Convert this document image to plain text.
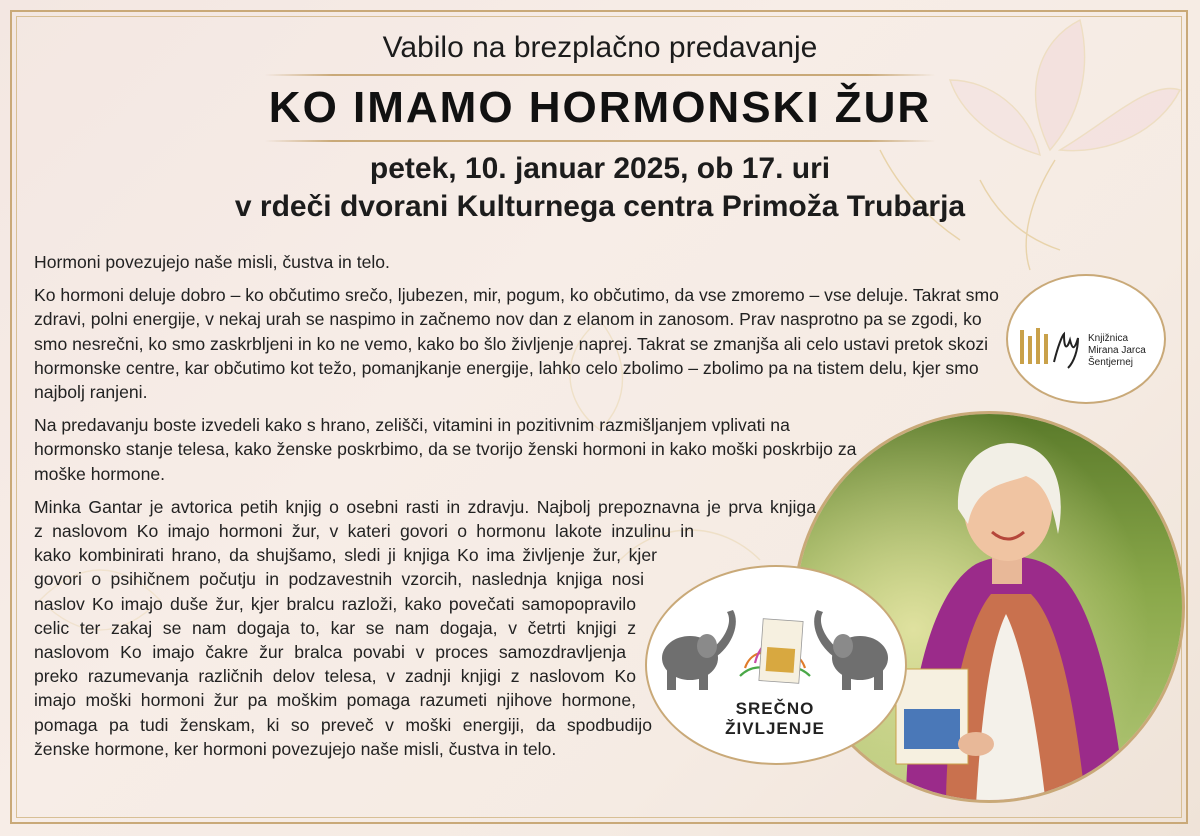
Vabilo na brezplačno predavanje
KO IMAMO HORMONSKI ŽUR
petek, 10. januar 2025, ob 17. uri
v rdeči dvorani Kulturnega centra Primoža Trubarja

Hormoni povezujejo naše misli, čustva in telo.

Ko hormoni deluje dobro – ko občutimo srečo, ljubezen, mir, pogum, ko občutimo, da vse zmoremo – vse deluje. Takrat smo zdravi, polni energije, v nekaj urah se naspimo in začnemo nov dan z elanom in zanosom. Prav nasprotno pa se zgodi, ko smo nesrečni, ko smo zaskrbljeni in ko ne vemo, kako bo šlo življenje naprej. Takrat se zmanjša ali celo ustavi pretok skozi hormonske centre, kar občutimo kot težo, pomanjkanje energije, lahko celo zbolimo – zbolimo pa na tistem delu, kjer smo najbolj ranjeni.

Na predavanju boste izvedeli kako s hrano, zelišči, vitamini in pozitivnim razmišljanjem vplivati na hormonsko stanje telesa, kako ženske poskrbimo, da se tvorijo ženski hormoni in kako moški poskrbijo za moške hormone.

Minka Gantar je avtorica petih knjig o osebni rasti in zdravju. Najbolj prepoznavna je prva knjiga
z naslovom Ko imajo hormoni žur, v kateri govori o hormonu lakote inzulinu in
kako kombinirati hrano, da shujšamo, sledi ji knjiga Ko ima življenje žur, kjer
govori o psihičnem počutju in podzavestnih vzorcih, naslednja knjiga nosi
naslov Ko imajo duše žur, kjer bralcu razloži, kako povečati samopopravilo
celic ter zakaj se nam dogaja to, kar se nam dogaja, v četrti knjigi z
naslovom Ko imajo čakre žur bralca povabi v proces samozdravljenja
preko razumevanja različnih delov telesa, v zadnji knjigi z naslovom Ko
imajo moški hormoni žur pa moškim pomaga razumeti njihove hormone,
pomaga pa tudi ženskam, ki so preveč v moški energiji, da spodbudijo
ženske hormone, ker hormoni povezujejo naše misli, čustva in telo.

Knjižnica
Mirana Jarca
Šentjernej
SREČNO ŽIVLJENJE
